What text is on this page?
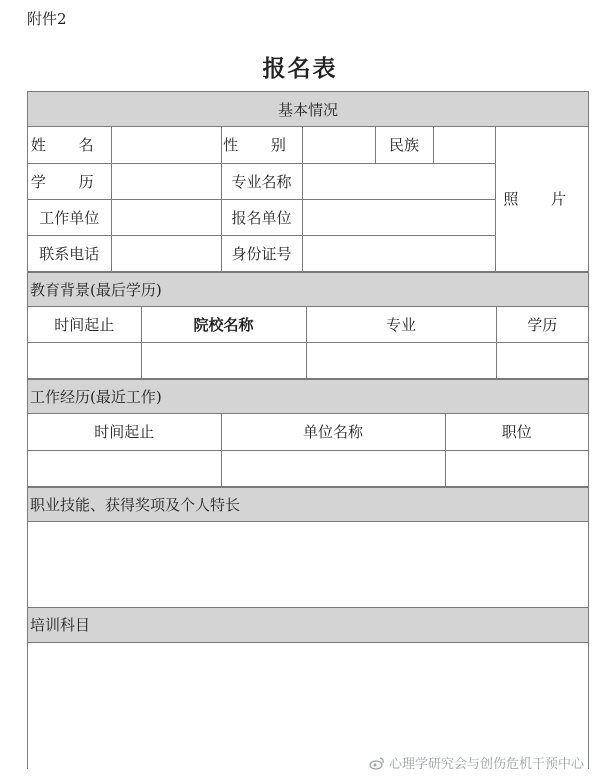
附件2
报名表
基本情况
姓 名		性 别		民族		照 片
学 历		专业名称				
工作单位		报名单位				
联系电话		身份证号				
教育背景(最后学历)
时间起止	院校名称	专业	学历

工作经历(最近工作)
时间起止	单位名称	职位

职业技能、获得奖项及个人特长
培训科目
心理学研究会与创伤危机干预中心
